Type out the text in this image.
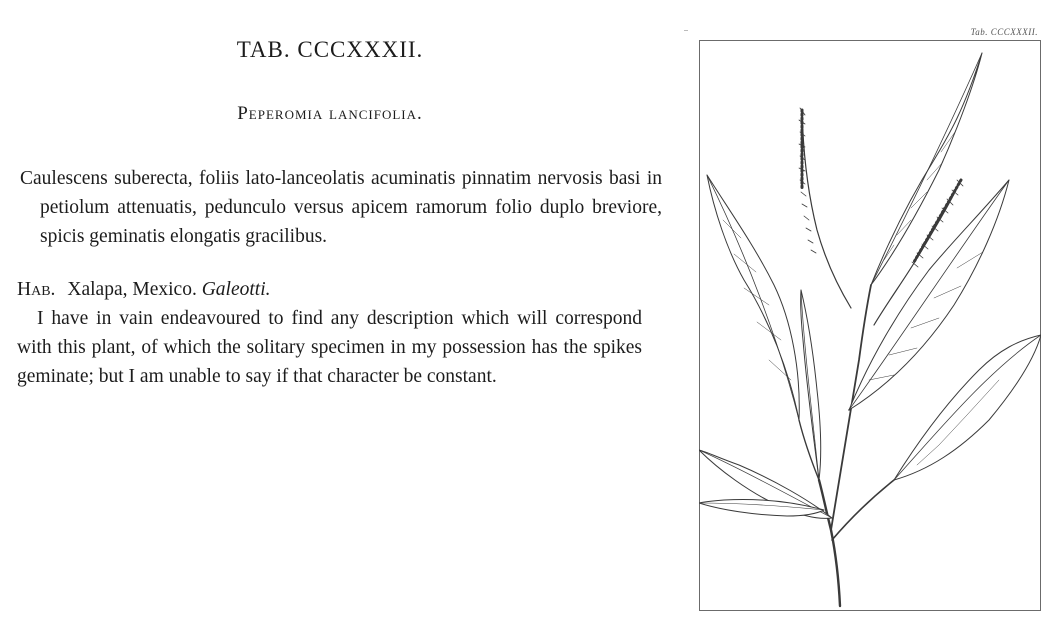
TAB. CCCXXXII.
Peperomia lancifolia.

Caulescens suberecta, foliis lato-lanceolatis acuminatis pinnatim nervosis basi in petiolum attenuatis, pedunculo versus apicem ramorum folio duplo breviore, spicis geminatis elongatis gracilibus.

Hab. Xalapa, Mexico. Galeotti.

I have in vain endeavoured to find any description which will correspond with this plant, of which the solitary specimen in my possession has the spikes geminate; but I am unable to say if that character be constant.

Tab. CCCXXXII.
